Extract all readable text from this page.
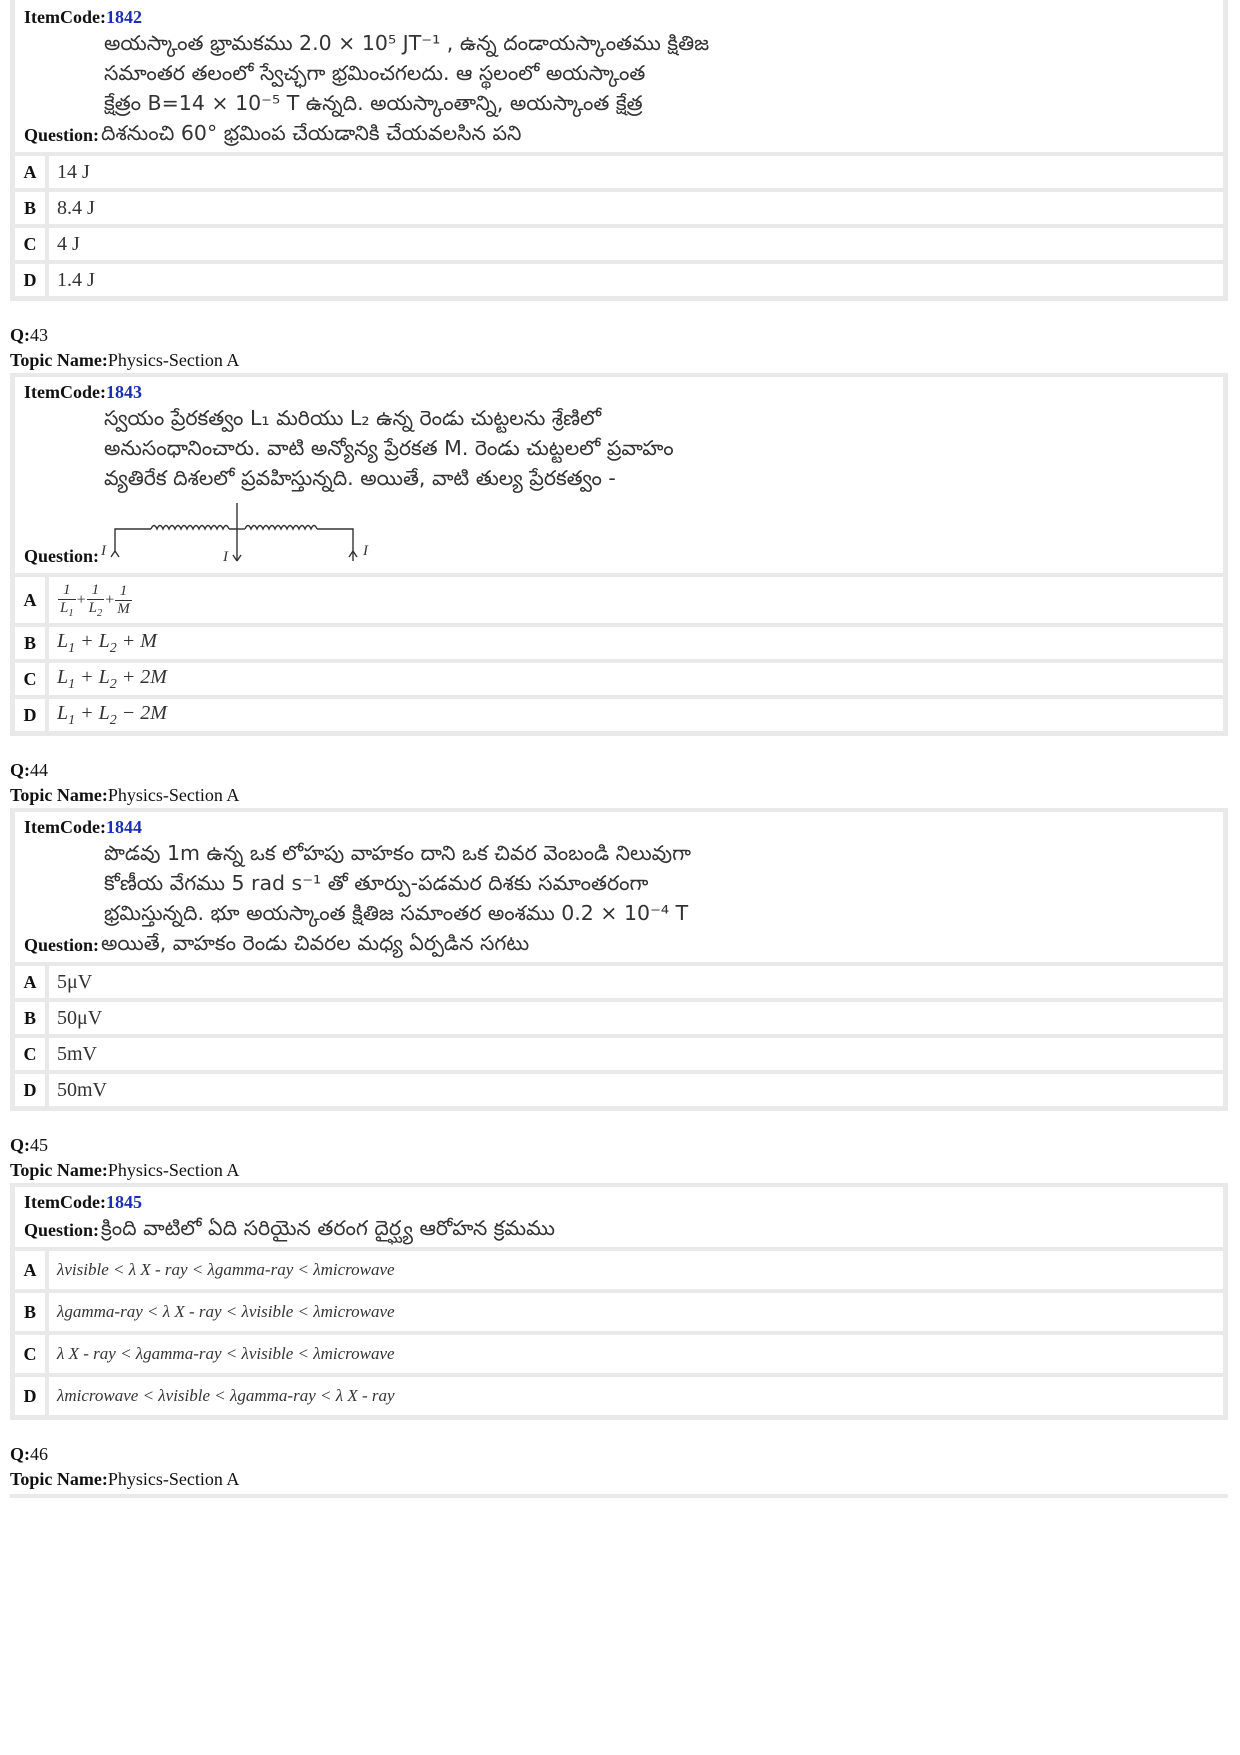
ItemCode:1842
అయస్కాంత భ్రామకము 2.0 × 10⁵ JT⁻¹ , ఉన్న దండాయస్కాంతము క్షితిజ
సమాంతర తలంలో స్వేచ్ఛగా భ్రమించగలదు. ఆ స్థలంలో అయస్కాంత
క్షేత్రం B=14 × 10⁻⁵ T ఉన్నది. అయస్కాంతాన్ని, అయస్కాంత క్షేత్ర
Question: దిశనుంచి 60° భ్రమింప చేయడానికి చేయవలసిన పని
A	14 J
B	8.4 J
C	4 J
D	1.4 J
Q:43
Topic Name:Physics-Section A
ItemCode:1843
స్వయం ప్రేరకత్వం L₁ మరియు L₂ ఉన్న రెండు చుట్టలను శ్రేణిలో
అనుసంధానించారు. వాటి అన్యోన్య ప్రేరకత M. రెండు చుట్టలలో ప్రవాహం
వ్యతిరేక దిశలలో ప్రవహిస్తున్నది. అయితే, వాటి తుల్య ప్రేరకత్వం -
Question: I	I	I
A	$\frac{1}{L_1} + \frac{1}{L_2} + \frac{1}{M}$
B	$L_1 + L_2 + M$
C	$L_1 + L_2 + 2M$
D	$L_1 + L_2 - 2M$
Q:44
Topic Name:Physics-Section A
ItemCode:1844
పొడవు 1m ఉన్న ఒక లోహపు వాహకం దాని ఒక చివర వెంబండి నిలువుగా
కోణీయ వేగము 5 rad s⁻¹ తో తూర్పు-పడమర దిశకు సమాంతరంగా
భ్రమిస్తున్నది. భూ అయస్కాంత క్షితిజ సమాంతర అంశము 0.2 × 10⁻⁴ T
Question: అయితే, వాహకం రెండు చివరల మధ్య ఏర్పడిన సగటు
A	5μV
B	50μV
C	5mV
D	50mV
Q:45
Topic Name:Physics-Section A
ItemCode:1845
Question: క్రింది వాటిలో ఏది సరియైన తరంగ దైర్ఘ్య ఆరోహన క్రమము
A	λvisible < λ X - ray < λgamma-ray < λmicrowave
B	λgamma-ray < λ X - ray < λvisible < λmicrowave
C	λ X - ray < λgamma-ray < λvisible < λmicrowave
D	λmicrowave < λvisible < λgamma-ray < λ X - ray
Q:46
Topic Name:Physics-Section A
